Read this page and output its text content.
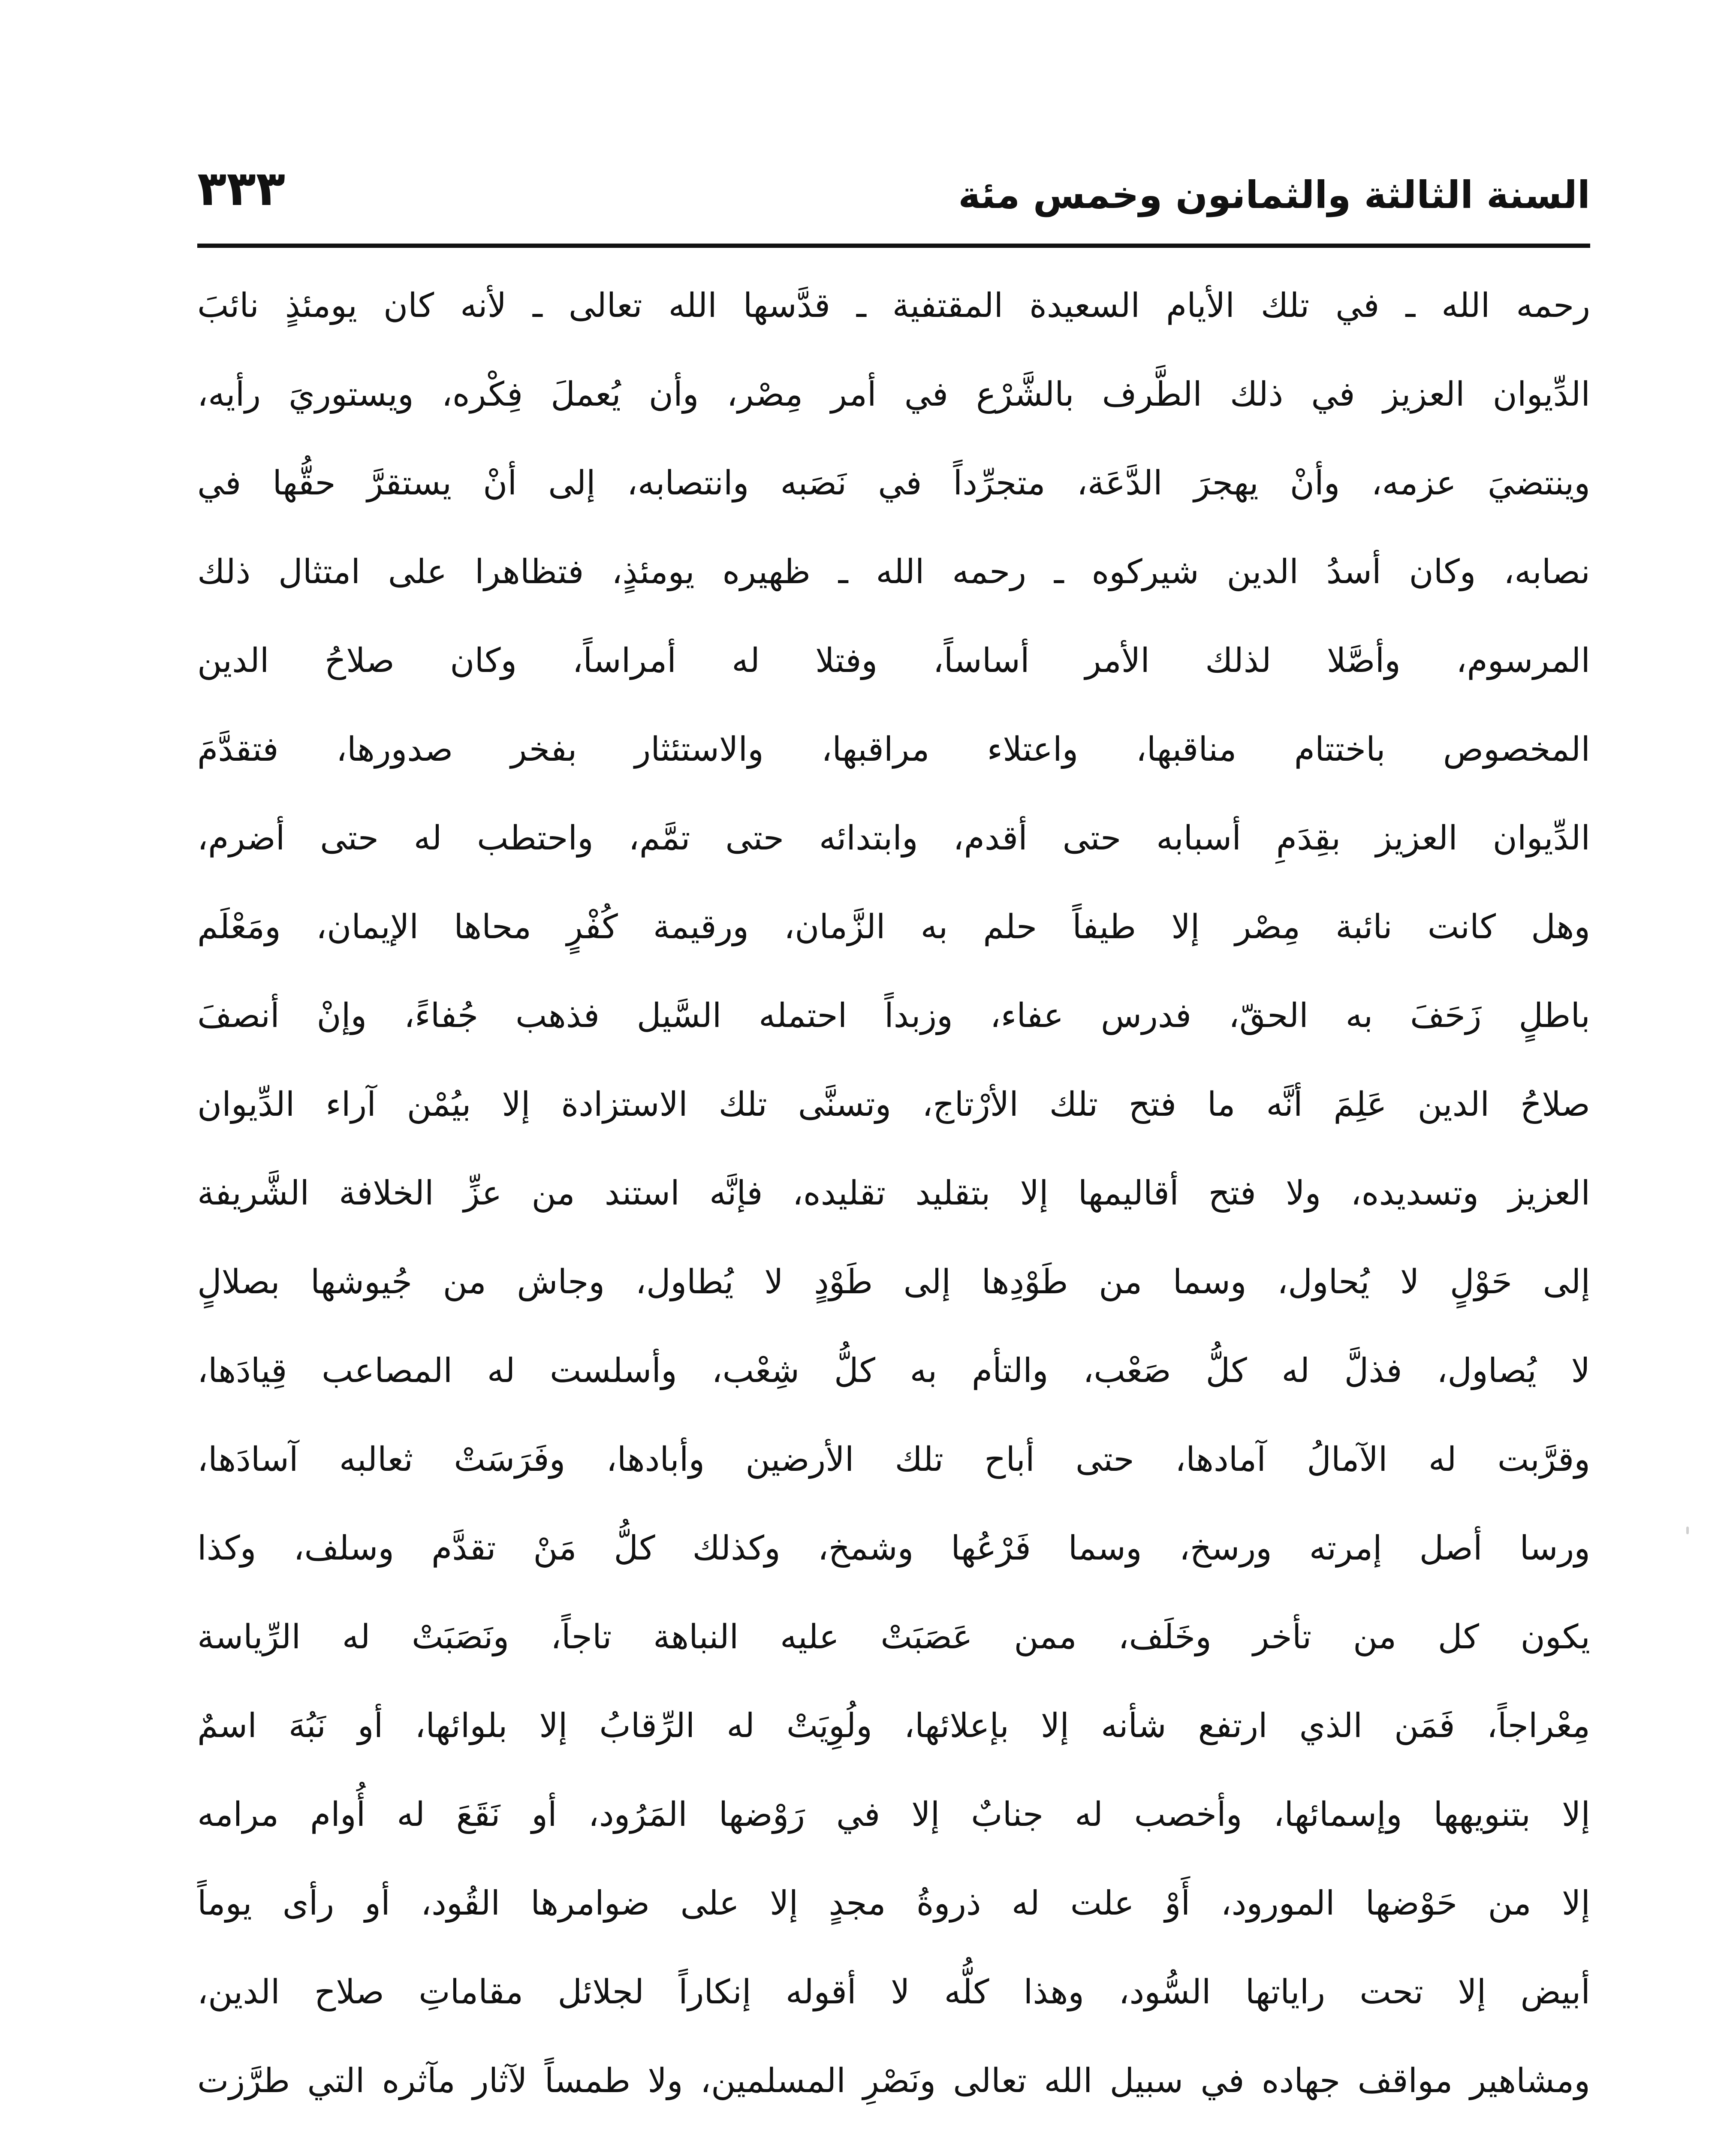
السنة الثالثة والثمانون وخمس مئة
٣٣٣
رحمه الله ـ في تلك الأيام السعيدة المقتفية ـ قدَّسها الله تعالى ـ لأنه كان يومئذٍ نائبَ
الدِّيوان العزيز في ذلك الطَّرف بالشَّرْع في أمر مِصْر، وأن يُعملَ فِكْره، ويستوريَ رأيه،
وينتضيَ عزمه، وأنْ يهجرَ الدَّعَة، متجرِّداً في نَصَبه وانتصابه، إلى أنْ يستقرَّ حقُّها في
نصابه، وكان أسدُ الدين شيركوه ـ رحمه الله ـ ظهيره يومئذٍ، فتظاهرا على امتثال ذلك
المرسوم، وأصَّلا لذلك الأمر أساساً، وفتلا له أمراساً، وكان صلاحُ الدين
المخصوص باختتام مناقبها، واعتلاء مراقبها، والاستئثار بفخر صدورها، فتقدَّمَ
الدِّيوان العزيز بقِدَمِ أسبابه حتى أقدم، وابتدائه حتى تمَّم، واحتطب له حتى أضرم،
وهل كانت نائبة مِصْر إلا طيفاً حلم به الزَّمان، ورقيمة كُفْرٍ محاها الإيمان، ومَعْلَم
باطلٍ زَحَفَ به الحقّ، فدرس عفاء، وزبداً احتمله السَّيل فذهب جُفاءً، وإنْ أنصفَ
صلاحُ الدين عَلِمَ أنَّه ما فتح تلك الأرْتاج، وتسنَّى تلك الاستزادة إلا بيُمْن آراء الدِّيوان
العزيز وتسديده، ولا فتح أقاليمها إلا بتقليد تقليده، فإنَّه استند من عزِّ الخلافة الشَّريفة
إلى حَوْلٍ لا يُحاول، وسما من طَوْدِها إلى طَوْدٍ لا يُطاول، وجاش من جُيوشها بصلالٍ
لا يُصاول، فذلَّ له كلُّ صَعْب، والتأم به كلُّ شِعْب، وأسلست له المصاعب قِيادَها،
وقرَّبت له الآمالُ آمادها، حتى أباح تلك الأرضين وأبادها، وفَرَسَتْ ثعالبه آسادَها،
ورسا أصل إمرته ورسخ، وسما فَرْعُها وشمخ، وكذلك كلُّ مَنْ تقدَّم وسلف، وكذا
يكون كل من تأخر وخَلَف، ممن عَصَبَتْ عليه النباهة تاجاً، ونَصَبَتْ له الرِّياسة
مِعْراجاً، فَمَن الذي ارتفع شأنه إلا بإعلائها، ولُوِيَتْ له الرِّقابُ إلا بلوائها، أو نَبُهَ اسمٌ
إلا بتنويهها وإسمائها، وأخصب له جنابٌ إلا في رَوْضها المَرُود، أو نَقَعَ له أُوام مرامه
إلا من حَوْضها المورود، أَوْ علت له ذروةُ مجدٍ إلا على ضوامرها القُود، أو رأى يوماً
أبيض إلا تحت راياتها السُّود، وهذا كلُّه لا أقوله إنكاراً لجلائل مقاماتِ صلاح الدين،
ومشاهير مواقف جهاده في سبيل الله تعالى ونَصْرِ المسلمين، ولا طمساً لآثار مآثره التي طرَّزت
